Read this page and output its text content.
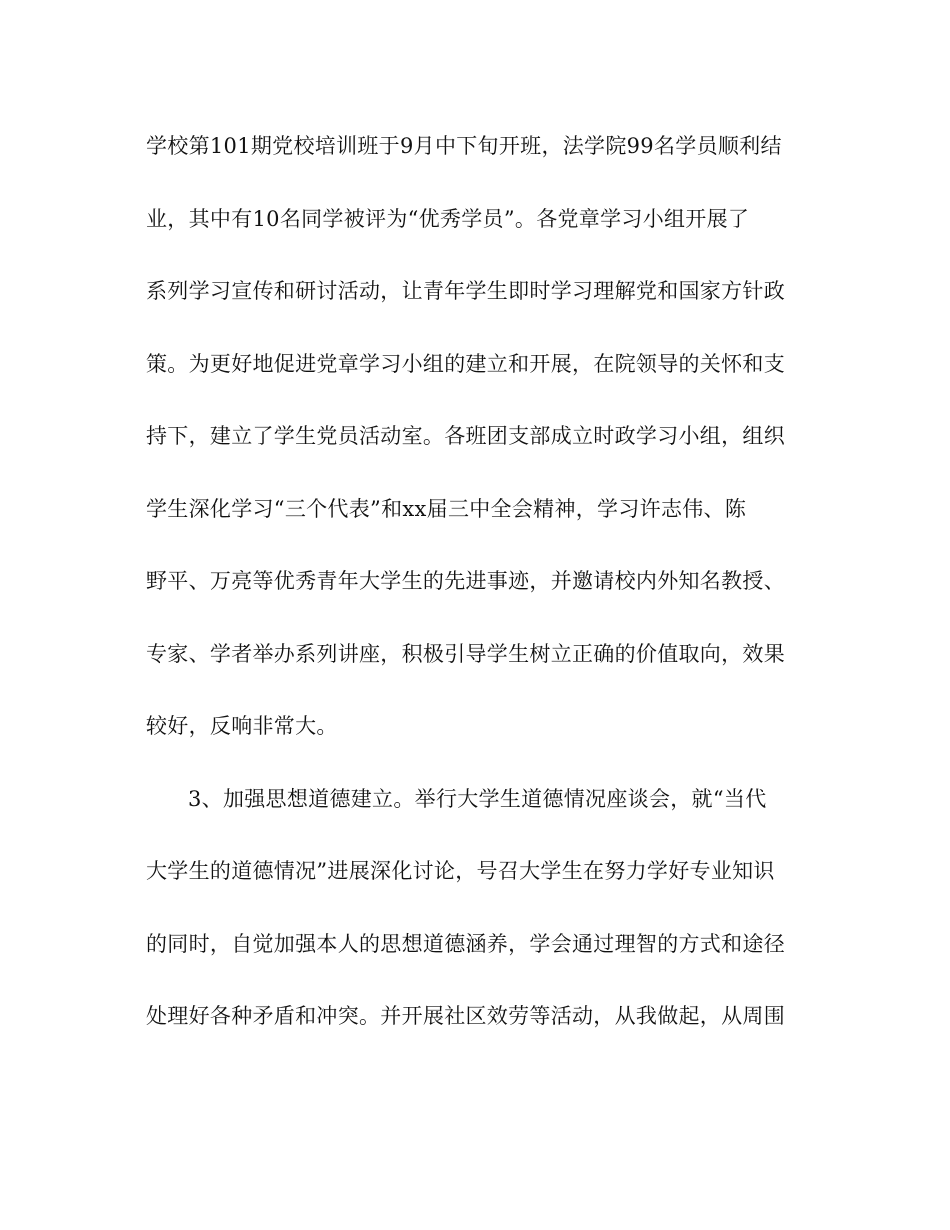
学校第101期党校培训班于9月中下旬开班，法学院99名学员顺利结
业，其中有10名同学被评为“优秀学员”。各党章学习小组开展了
系列学习宣传和研讨活动，让青年学生即时学习理解党和国家方针政
策。为更好地促进党章学习小组的建立和开展，在院领导的关怀和支
持下，建立了学生党员活动室。各班团支部成立时政学习小组，组织
学生深化学习“三个代表”和xx届三中全会精神，学习许志伟、陈
野平、万亮等优秀青年大学生的先进事迹，并邀请校内外知名教授、
专家、学者举办系列讲座，积极引导学生树立正确的价值取向，效果
较好，反响非常大。
3、加强思想道德建立。举行大学生道德情况座谈会，就“当代
大学生的道德情况”进展深化讨论，号召大学生在努力学好专业知识
的同时，自觉加强本人的思想道德涵养，学会通过理智的方式和途径
处理好各种矛盾和冲突。并开展社区效劳等活动，从我做起，从周围
